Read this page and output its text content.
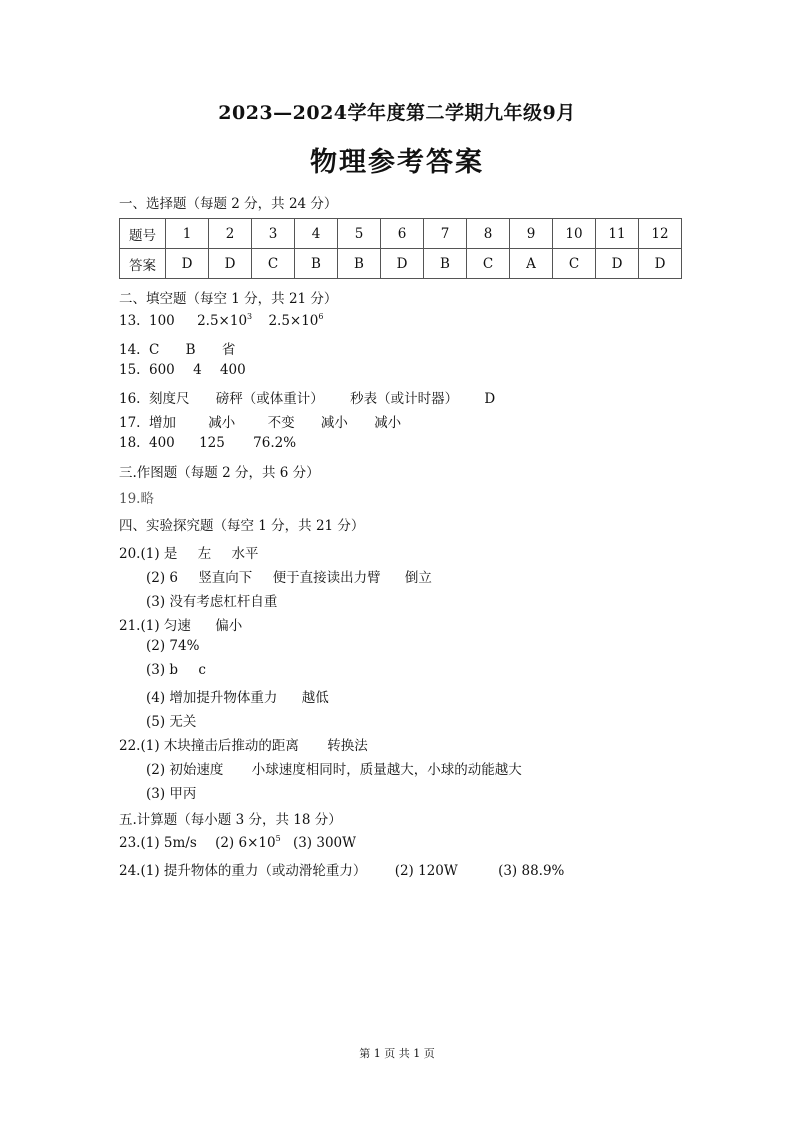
2023—2024学年度第二学期九年级9月
物理参考答案
一、选择题（每题 2 分，共 24 分）
题号	1	2	3	4	5	6	7	8	9	10	11	12
答案	D	D	C	B	B	D	B	C	A	C	D	D
二、填空题（每空 1 分，共 21 分）
13. 100 $2.5\times 10^3$ $2.5\times 10^6$
14. C B 省
15. 600 4 400
16. 刻度尺 磅秤（或体重计） 秒表（或计时器） D
17. 增加 减小 不变 减小 减小
18. 400 125 76.2%
三.作图题（每题 2 分，共 6 分）
19.略
四、实验探究题（每空 1 分，共 21 分）
20.(1) 是 左 水平
(2) 6 竖直向下 便于直接读出力臂 倒立
(3) 没有考虑杠杆自重
21.(1) 匀速 偏小
(2) 74%
(3) b c
(4) 增加提升物体重力 越低
(5) 无关
22.(1) 木块撞击后推动的距离 转换法
(2) 初始速度 小球速度相同时，质量越大，小球的动能越大
(3) 甲丙
五.计算题（每小题 3 分，共 18 分）
23.(1) 5m/s (2) $6\times 10^5$ (3) 300W
24.(1) 提升物体的重力（或动滑轮重力） (2) 120W	(3) 88.9%
第 1 页 共 1 页
